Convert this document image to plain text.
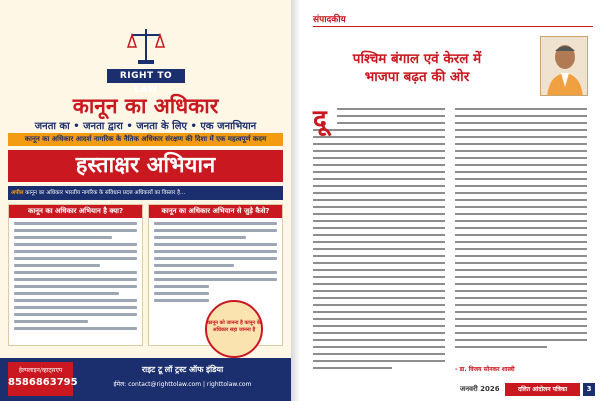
RIGHT TO LAW
कानून का अधिकार
जनता का • जनता द्वारा • जनता के लिए • एक जनाभियान
कानून का अधिकार आदर्श नागरिक के नैतिक अधिकार संरक्षण की दिशा में एक महत्वपूर्ण कदम
हस्ताक्षर अभियान
अपील कानून का अधिकार भारतीय नागरिक के संविधान प्रदत्त अधिकारों का विस्तार है...
कानून का अधिकार अभियान है क्या?	कानून का अधिकार अभियान से जुड़े कैसे?
कानून को जानना है कानून के अधिकार सहा जानना है
हेल्पलाइन/व्हाट्सएप
8586863795
राइट टू लॉ ट्रस्ट ऑफ इंडिया
ईमेल: contact@righttolaw.com | righttolaw.com
संपादकीय
पश्चिम बंगाल एवं केरल में भाजपा बढ़त की ओर
दू
- डा. विजय सोनकर शास्त्री
जनवरी 2026	दलित आंदोलन पत्रिका	3
